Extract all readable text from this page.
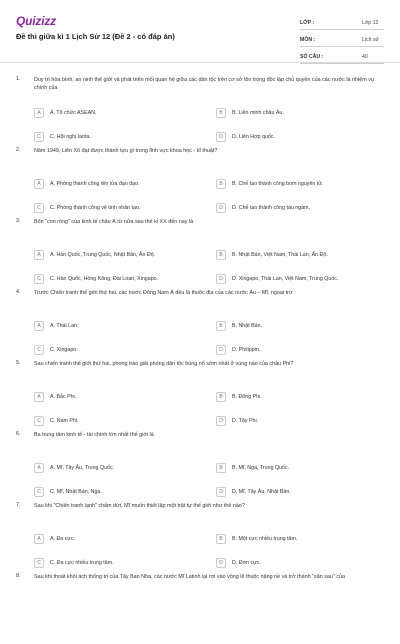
Quizizz
Đề thi giữa kì 1 Lịch Sử 12 (Đề 2 - có đáp án)
LỚP :	Lớp 12
MÔN :	Lịch sử
SỐ CÂU :	40
1.	Duy trì hòa bình, an ninh thế giới và phát triển mối quan hệ giữa các dân tộc trên cơ sở tôn trọng độc lập chủ quyền của các nước là nhiệm vụ chính của

A	A. Tổ chức ASEAN.	B	B. Liên minh châu Âu.
C	C. Hội nghị Ianta.	D	D. Liên Hợp quốc.
2.	Năm 1949, Liên Xô đạt được thành tựu gì trong lĩnh vực khoa học - kĩ thuật?

A	A. Phóng thành công tên lửa đạn đạo.	B	B. Chế tạo thành công bom nguyên tử.
C	C. Phóng thành công vệ tinh nhân tạo.	D	D. Chế tạo thành công tàu ngầm.
3.	Bốn "con rồng" của kinh tế châu Á từ nửa sau thế kỉ XX đến nay là

A	A. Hàn Quốc, Trung Quốc, Nhật Bản, Ấn Độ.	B	B. Nhật Bản, Việt Nam, Thái Lan, Ấn Độ.
C	C. Hàn Quốc, Hồng Kông, Đài Loan, Xingapo.	D	D. Xingapo, Thái Lan, Việt Nam, Trung Quốc.
4.	Trước Chiến tranh thế giới thứ hai, các nước Đông Nam Á đều là thuộc địa của các nước Âu – Mĩ, ngoại trừ

A	A. Thái Lan.	B	B. Nhật Bản.
C	C. Xingapo.	D	D. Philippin.
5.	Sau chiến tranh thế giới thứ hai, phong trào giải phóng dân tộc bùng nổ sớm nhất ở vùng nào của châu Phi?

A	A. Bắc Phi.	B	B. Đông Phi.
C	C. Nam Phi.	D	D. Tây Phi.
6.	Ba trung tâm kinh tế - tài chính lớn nhất thế giới là

A	A. Mĩ, Tây Âu, Trung Quốc.	B	B. Mĩ, Nga, Trung Quốc.
C	C. Mĩ, Nhật Bản, Nga.	D	D. Mĩ, Tây Âu, Nhật Bản.
7.	Sau khi "Chiến tranh lạnh" chấm dứt, Mĩ muốn thiết lập một trật tự thế giới như thế nào?

A	A. Đa cực.	B	B. Một cực nhiều trung tâm.
C	C. Đa cực nhiều trung tâm.	D	D. Đơn cực.
8.	Sau khi thoát khỏi ách thống trị của Tây Ban Nha, các nước Mĩ Latinh lại rơi vào vòng lệ thuộc nặng nề và trở thành "sân sau" của
